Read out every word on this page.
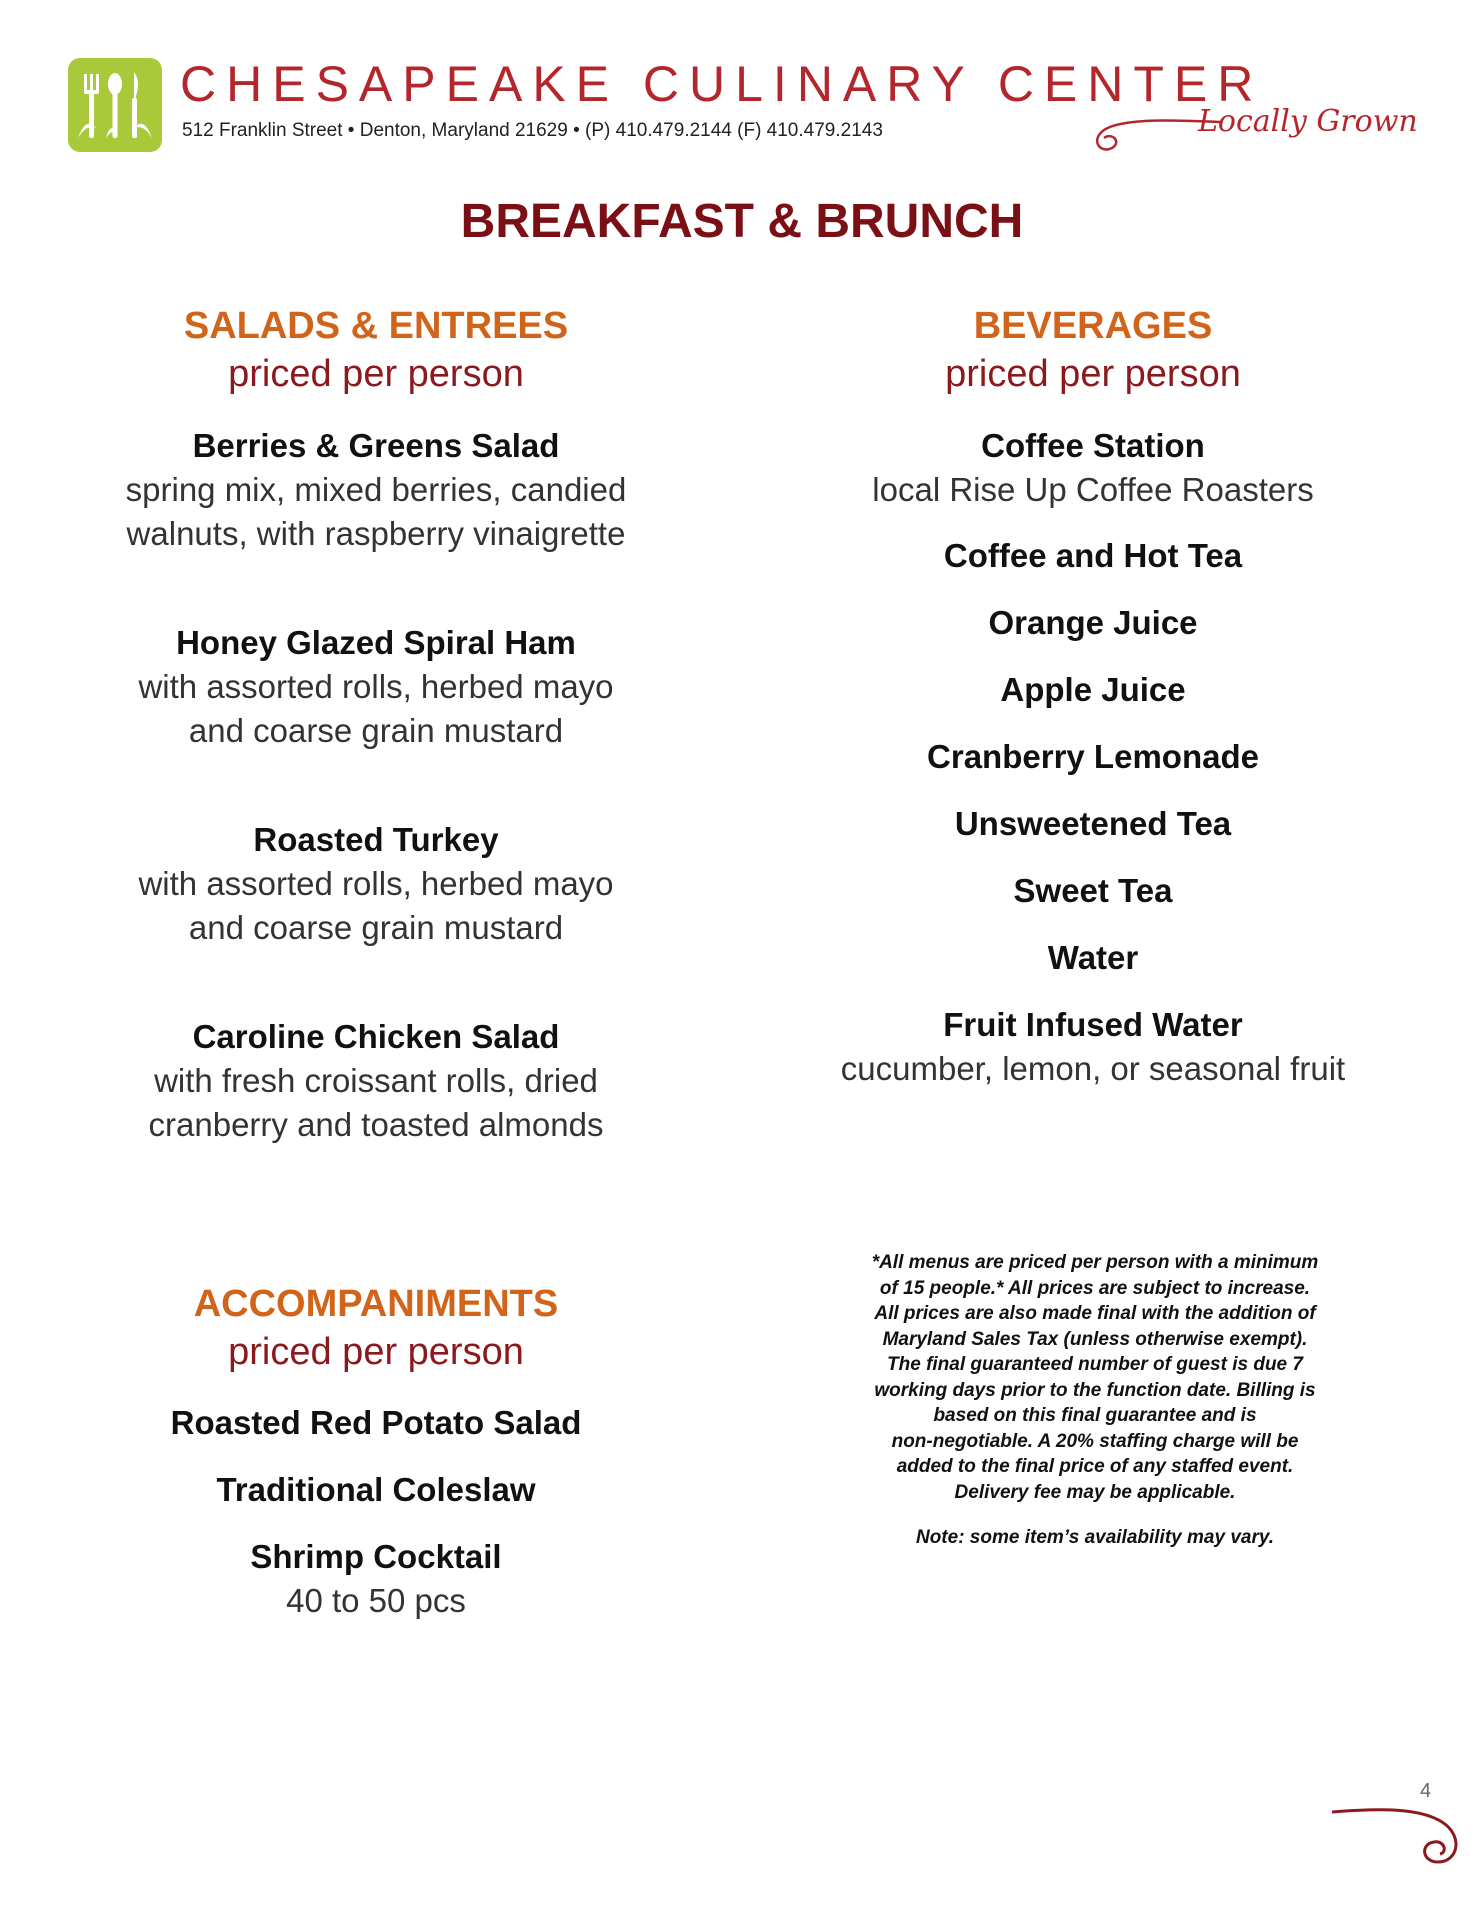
CHESAPEAKE CULINARY CENTER
512 Franklin Street • Denton, Maryland 21629 • (P) 410.479.2144 (F) 410.479.2143	Locally Grown
BREAKFAST & BRUNCH
SALADS & ENTREES
priced per person
Berries & Greens Salad
spring mix, mixed berries, candied
walnuts, with raspberry vinaigrette
Honey Glazed Spiral Ham
with assorted rolls, herbed mayo
and coarse grain mustard
Roasted Turkey
with assorted rolls, herbed mayo
and coarse grain mustard
Caroline Chicken Salad
with fresh croissant rolls, dried
cranberry and toasted almonds
BEVERAGES
priced per person
Coffee Station
local Rise Up Coffee Roasters
Coffee and Hot Tea
Orange Juice
Apple Juice
Cranberry Lemonade
Unsweetened Tea
Sweet Tea
Water
Fruit Infused Water
cucumber, lemon, or seasonal fruit
ACCOMPANIMENTS
priced per person
Roasted Red Potato Salad
Traditional Coleslaw
Shrimp Cocktail
40 to 50 pcs
*All menus are priced per person with a minimum
of 15 people.* All prices are subject to increase.
All prices are also made final with the addition of
Maryland Sales Tax (unless otherwise exempt).
The final guaranteed number of guest is due 7
working days prior to the function date. Billing is
based on this final guarantee and is
non-negotiable. A 20% staffing charge will be
added to the final price of any staffed event.
Delivery fee may be applicable.
Note: some item’s availability may vary.
4
